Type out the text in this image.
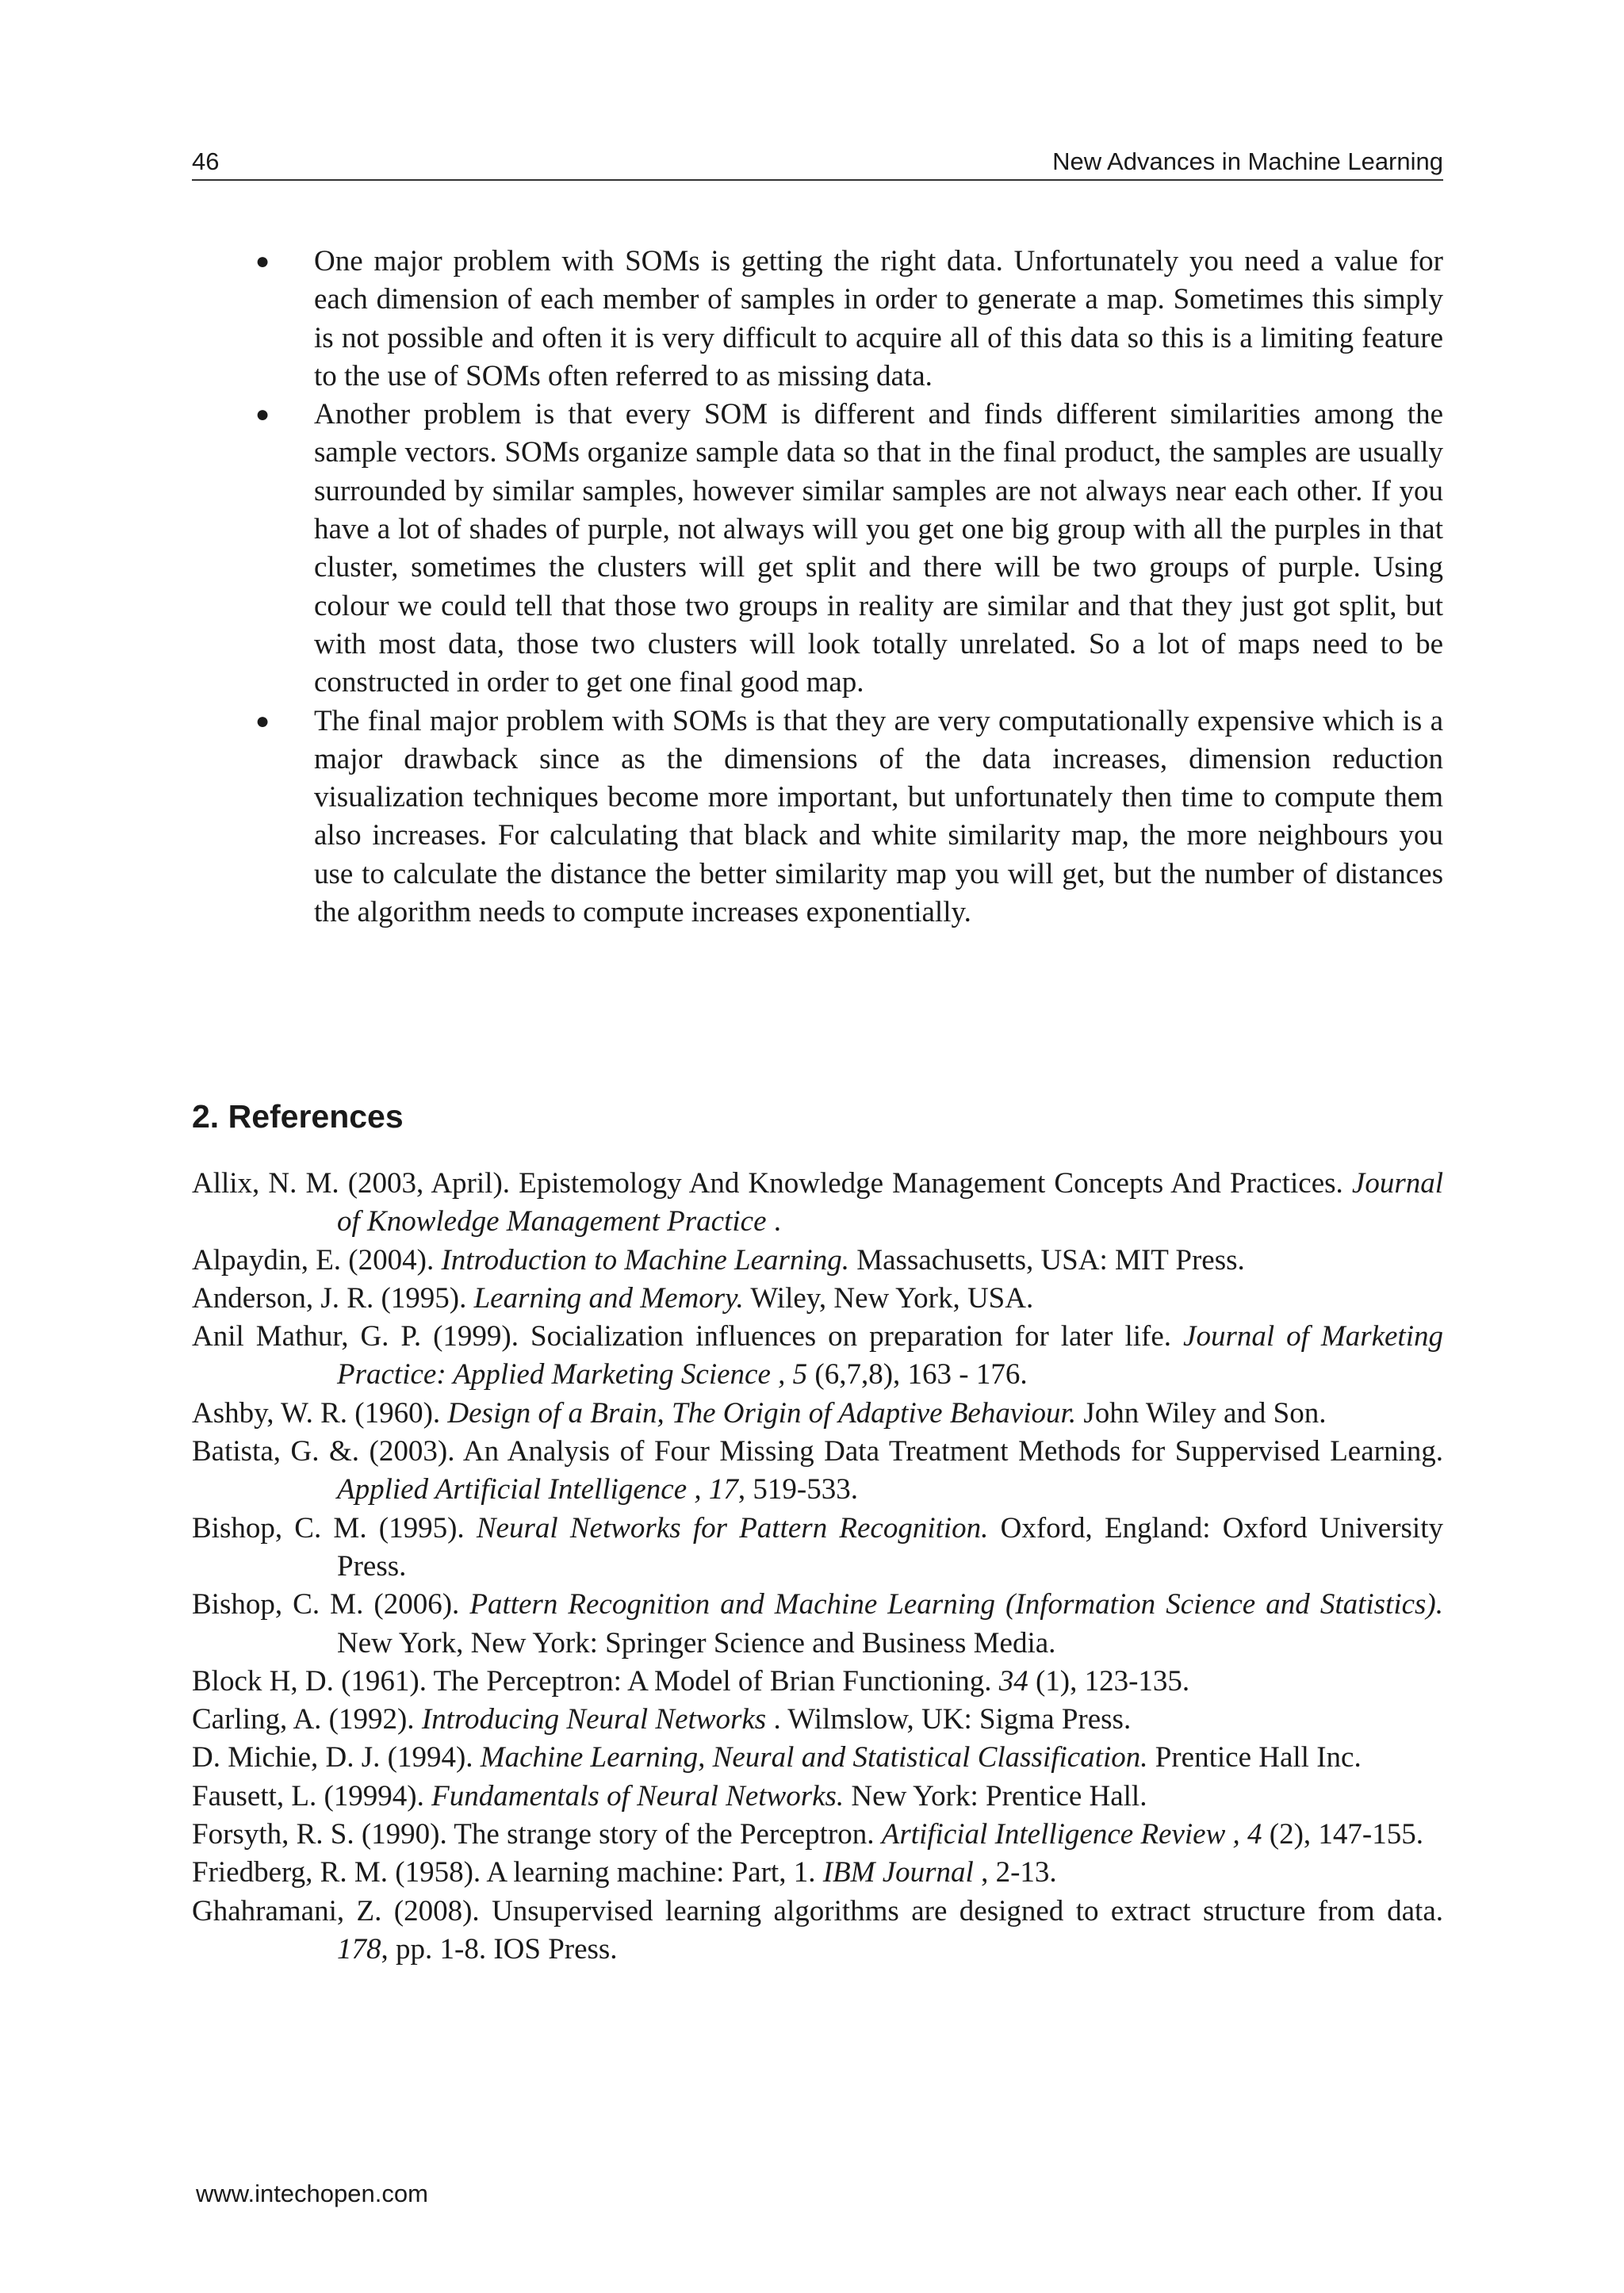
46	New Advances in Machine Learning
● One major problem with SOMs is getting the right data. Unfortunately you need a value for each dimension of each member of samples in order to generate a map. Sometimes this simply is not possible and often it is very difficult to acquire all of this data so this is a limiting feature to the use of SOMs often referred to as missing data.
● Another problem is that every SOM is different and finds different similarities among the sample vectors. SOMs organize sample data so that in the final product, the samples are usually surrounded by similar samples, however similar samples are not always near each other. If you have a lot of shades of purple, not always will you get one big group with all the purples in that cluster, sometimes the clusters will get split and there will be two groups of purple. Using colour we could tell that those two groups in reality are similar and that they just got split, but with most data, those two clusters will look totally unrelated. So a lot of maps need to be constructed in order to get one final good map.
● The final major problem with SOMs is that they are very computationally expensive which is a major drawback since as the dimensions of the data increases, dimension reduction visualization techniques become more important, but unfortunately then time to compute them also increases. For calculating that black and white similarity map, the more neighbours you use to calculate the distance the better similarity map you will get, but the number of distances the algorithm needs to compute increases exponentially.
2. References
Allix, N. M. (2003, April). Epistemology And Knowledge Management Concepts And Practices. Journal of Knowledge Management Practice .
Alpaydin, E. (2004). Introduction to Machine Learning. Massachusetts, USA: MIT Press.
Anderson, J. R. (1995). Learning and Memory. Wiley, New York, USA.
Anil Mathur, G. P. (1999). Socialization influences on preparation for later life. Journal of Marketing Practice: Applied Marketing Science , 5 (6,7,8), 163 - 176.
Ashby, W. R. (1960). Design of a Brain, The Origin of Adaptive Behaviour. John Wiley and Son.
Batista, G. &. (2003). An Analysis of Four Missing Data Treatment Methods for Suppervised Learning. Applied Artificial Intelligence , 17, 519-533.
Bishop, C. M. (1995). Neural Networks for Pattern Recognition. Oxford, England: Oxford University Press.
Bishop, C. M. (2006). Pattern Recognition and Machine Learning (Information Science and Statistics). New York, New York: Springer Science and Business Media.
Block H, D. (1961). The Perceptron: A Model of Brian Functioning. 34 (1), 123-135.
Carling, A. (1992). Introducing Neural Networks . Wilmslow, UK: Sigma Press.
D. Michie, D. J. (1994). Machine Learning, Neural and Statistical Classification. Prentice Hall Inc.
Fausett, L. (19994). Fundamentals of Neural Networks. New York: Prentice Hall.
Forsyth, R. S. (1990). The strange story of the Perceptron. Artificial Intelligence Review , 4 (2), 147-155.
Friedberg, R. M. (1958). A learning machine: Part, 1. IBM Journal , 2-13.
Ghahramani, Z. (2008). Unsupervised learning algorithms are designed to extract structure from data. 178, pp. 1-8. IOS Press.
www.intechopen.com
